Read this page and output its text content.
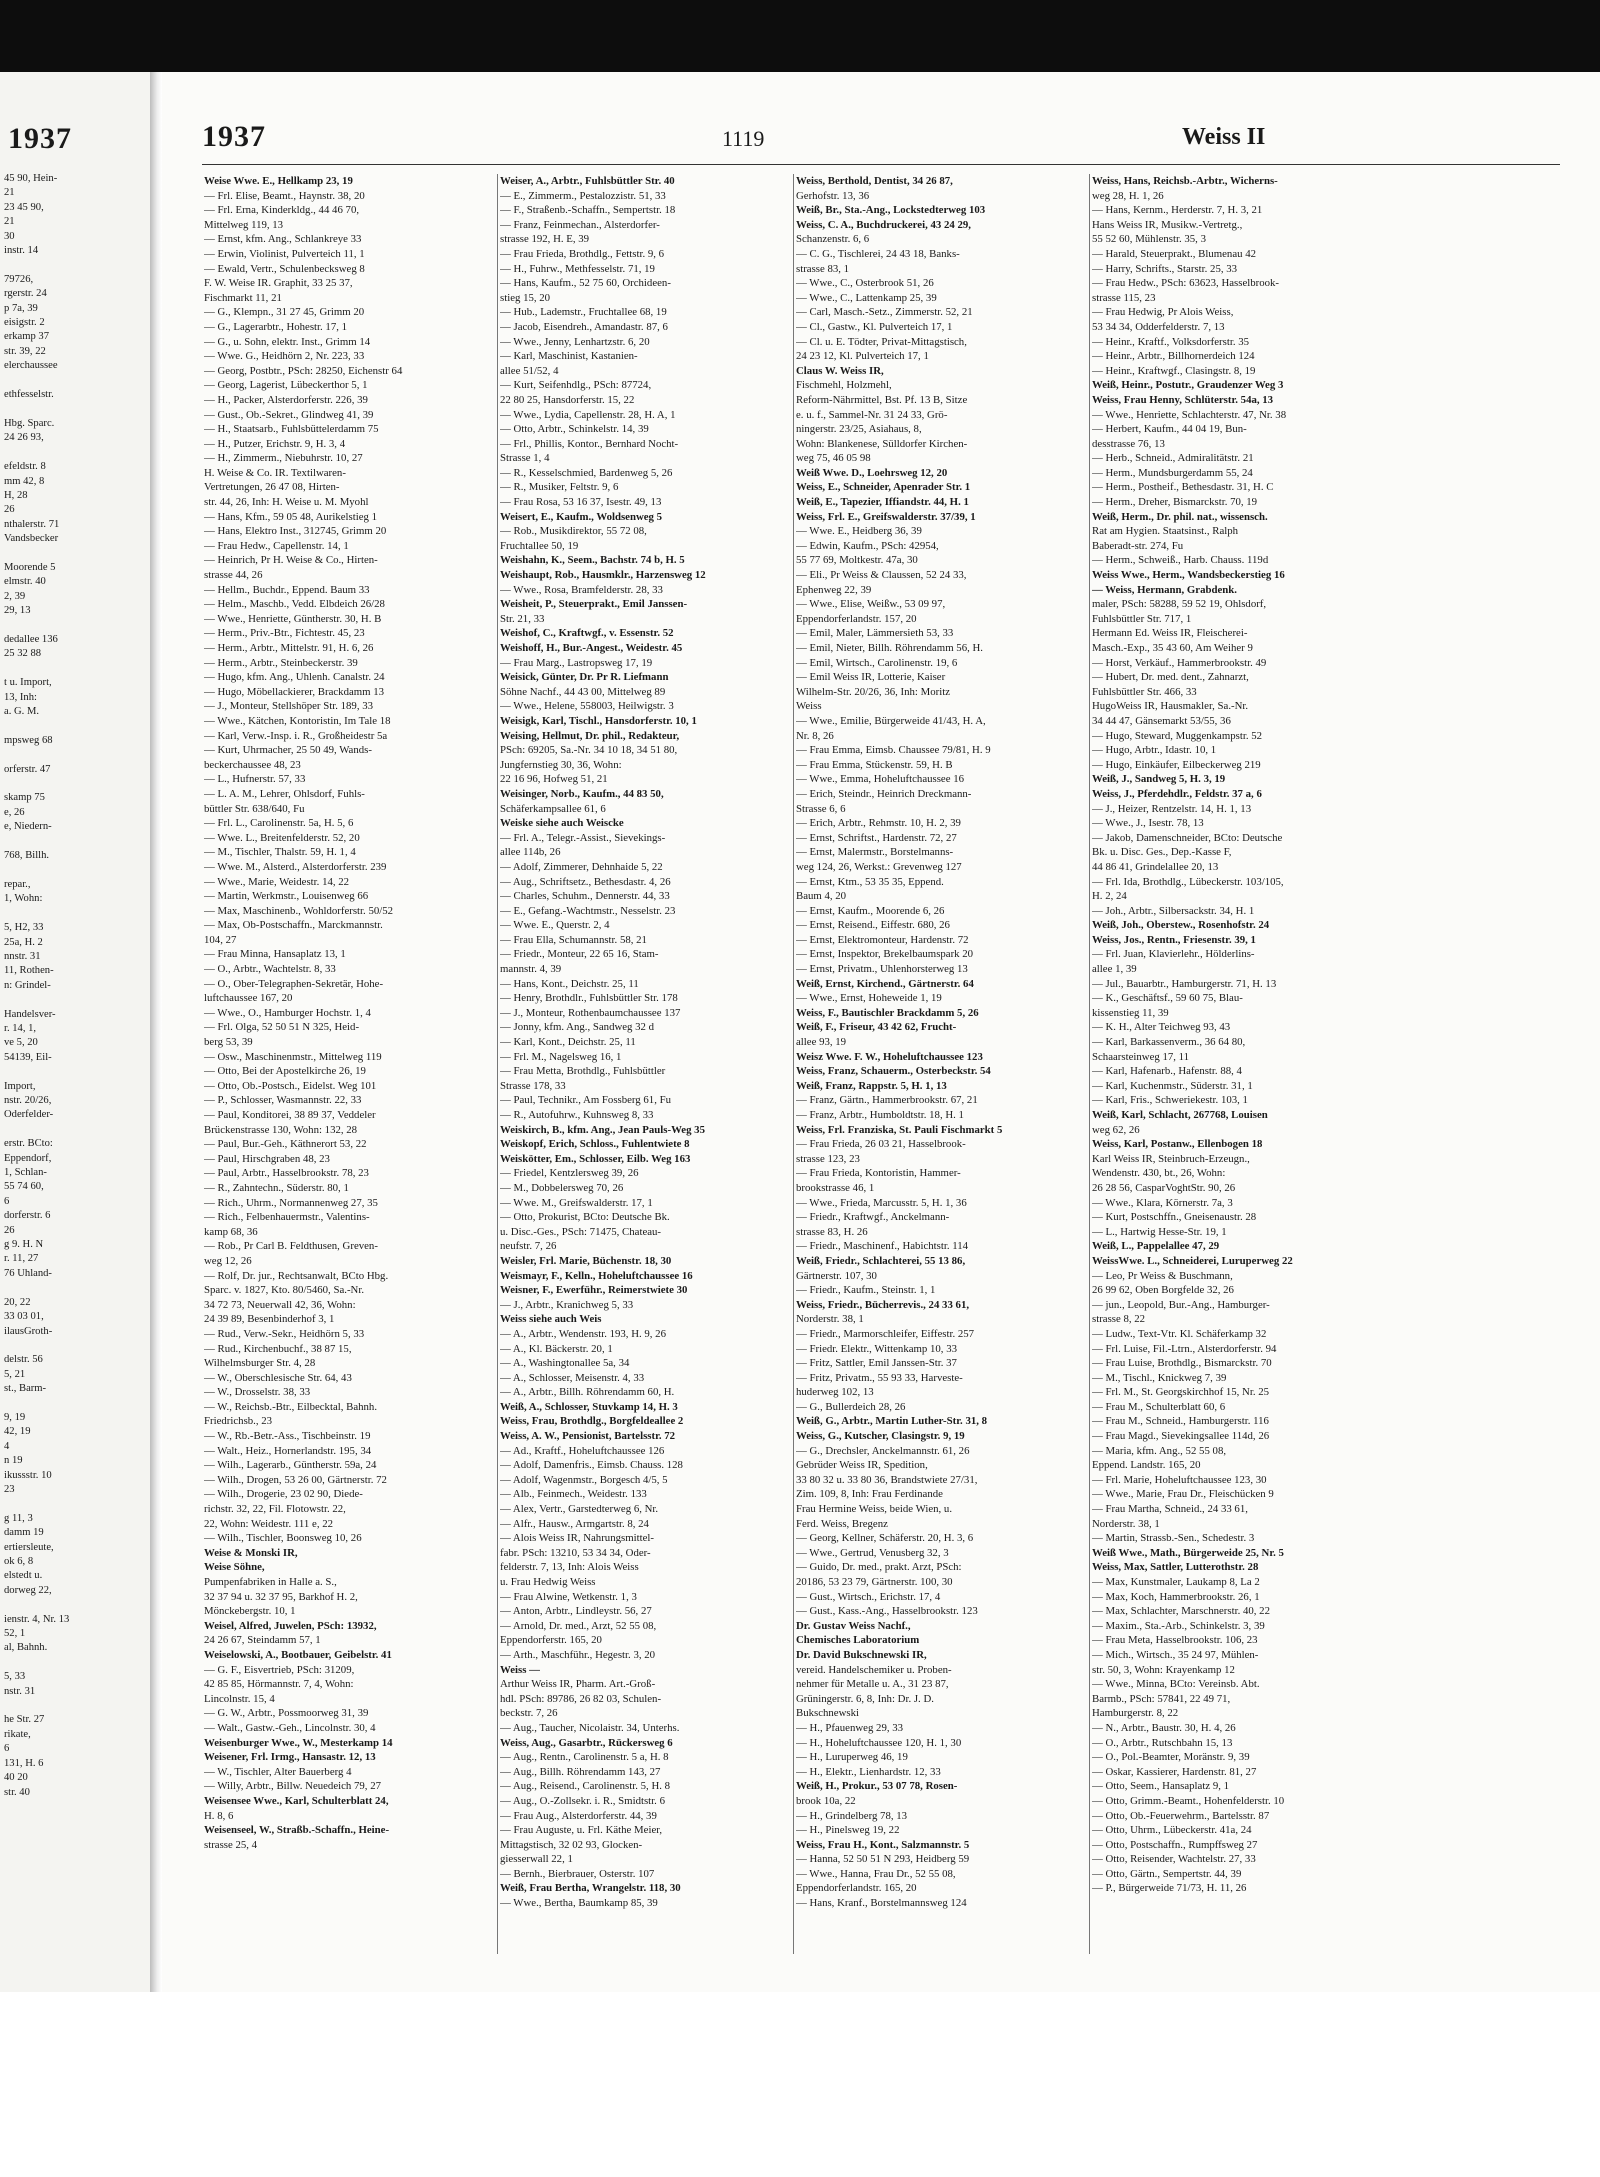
1937
45 90, Hein-
21
23 45 90,
21
30
instr. 14

79726,
rgerstr. 24
p 7a, 39
eisigstr. 2
erkamp 37
str. 39, 22
elerchaussee

ethfesselstr.

Hbg. Sparc.
24 26 93,

efeldstr. 8
mm 42, 8
H, 28
26
nthalerstr. 71
Vandsbecker

Moorende 5
elmstr. 40
2, 39
29, 13

dedallee 136
25 32 88

t u. Import,
13, Inh:
a. G. M.

mpsweg 68

orferstr. 47

skamp 75
e, 26
e, Niedern-

768, Billh.

repar.,
1, Wohn:

5, H2, 33
25a, H. 2
nnstr. 31
11, Rothen-
n: Grindel-

Handelsver-
r. 14, 1,
ve 5, 20
54139, Eil-

Import,
nstr. 20/26,
Oderfelder-

erstr. BCto:
Eppendorf,
1, Schlan-
55 74 60,
6
dorferstr. 6
26
g 9. H. N
r. 11, 27
76 Uhland-

20, 22
33 03 01,
ilausGroth-

delstr. 56
5, 21
st., Barm-

9, 19
42, 19
4
n 19
ikussstr. 10
23

g 11, 3
damm 19
ertiersleute,
ok 6, 8
elstedt u.
dorweg 22,

ienstr. 4, Nr. 13
52, 1
al, Bahnh.

5, 33
nstr. 31

he Str. 27
rikate,
6
131, H. 6
40 20
str. 40
1937	1119	Weiss II
Weise Wwe. E., Hellkamp 23, 19
— Frl. Elise, Beamt., Haynstr. 38, 20
— Frl. Erna, Kinderkldg., 44 46 70,
Mittelweg 119, 13
— Ernst, kfm. Ang., Schlankreye 33
— Erwin, Violinist, Pulverteich 11, 1
— Ewald, Vertr., Schulenbecksweg 8
F. W. Weise IR. Graphit, 33 25 37,
Fischmarkt 11, 21
— G., Klempn., 31 27 45, Grimm 20
— G., Lagerarbtr., Hohestr. 17, 1
— G., u. Sohn, elektr. Inst., Grimm 14
— Wwe. G., Heidhörn 2, Nr. 223, 33
— Georg, Postbtr., PSch: 28250, Eichenstr 64
— Georg, Lagerist, Lübeckerthor 5, 1
— H., Packer, Alsterdorferstr. 226, 39
— Gust., Ob.-Sekret., Glindweg 41, 39
— H., Staatsarb., Fuhlsbüttelerdamm 75
— H., Putzer, Erichstr. 9, H. 3, 4
— H., Zimmerm., Niebuhrstr. 10, 27
H. Weise & Co. IR. Textilwaren-
Vertretungen, 26 47 08, Hirten-
str. 44, 26, Inh: H. Weise u. M. Myohl
— Hans, Kfm., 59 05 48, Aurikelstieg 1
— Hans, Elektro Inst., 312745, Grimm 20
— Frau Hedw., Capellenstr. 14, 1
— Heinrich, Pr H. Weise & Co., Hirten-
strasse 44, 26
— Hellm., Buchdr., Eppend. Baum 33
— Helm., Maschb., Vedd. Elbdeich 26/28
— Wwe., Henriette, Güntherstr. 30, H. B
— Herm., Priv.-Btr., Fichtestr. 45, 23
— Herm., Arbtr., Mittelstr. 91, H. 6, 26
— Herm., Arbtr., Steinbeckerstr. 39
— Hugo, kfm. Ang., Uhlenh. Canalstr. 24
— Hugo, Möbellackierer, Brackdamm 13
— J., Monteur, Stellshöper Str. 189, 33
— Wwe., Kätchen, Kontoristin, Im Tale 18
— Karl, Verw.-Insp. i. R., Großheidestr 5a
— Kurt, Uhrmacher, 25 50 49, Wands-
beckerchaussee 48, 23
— L., Hufnerstr. 57, 33
— L. A. M., Lehrer, Ohlsdorf, Fuhls-
büttler Str. 638/640, Fu
— Frl. L., Carolinenstr. 5a, H. 5, 6
— Wwe. L., Breitenfelderstr. 52, 20
— M., Tischler, Thalstr. 59, H. 1, 4
— Wwe. M., Alsterd., Alsterdorferstr. 239
— Wwe., Marie, Weidestr. 14, 22
— Martin, Werkmstr., Louisenweg 66
— Max, Maschinenb., Wohldorferstr. 50/52
— Max, Ob-Postschaffn., Marckmannstr.
104, 27
— Frau Minna, Hansaplatz 13, 1
— O., Arbtr., Wachtelstr. 8, 33
— O., Ober-Telegraphen-Sekretär, Hohe-
luftchaussee 167, 20
— Wwe., O., Hamburger Hochstr. 1, 4
— Frl. Olga, 52 50 51 N 325, Heid-
berg 53, 39
— Osw., Maschinenmstr., Mittelweg 119
— Otto, Bei der Apostelkirche 26, 19
— Otto, Ob.-Postsch., Eidelst. Weg 101
— P., Schlosser, Wasmannstr. 22, 33
— Paul, Konditorei, 38 89 37, Veddeler
Brückenstrasse 130, Wohn: 132, 28
— Paul, Bur.-Geh., Käthnerort 53, 22
— Paul, Hirschgraben 48, 23
— Paul, Arbtr., Hasselbrookstr. 78, 23
— R., Zahntechn., Süderstr. 80, 1
— Rich., Uhrm., Normannenweg 27, 35
— Rich., Felbenhauermstr., Valentins-
kamp 68, 36
— Rob., Pr Carl B. Feldthusen, Greven-
weg 12, 26
— Rolf, Dr. jur., Rechtsanwalt, BCto Hbg.
Sparc. v. 1827, Kto. 80/5460, Sa.-Nr.
34 72 73, Neuerwall 42, 36, Wohn:
24 39 89, Besenbinderhof 3, 1
— Rud., Verw.-Sekr., Heidhörn 5, 33
— Rud., Kirchenbuchf., 38 87 15,
Wilhelmsburger Str. 4, 28
— W., Oberschlesische Str. 64, 43
— W., Drosselstr. 38, 33
— W., Reichsb.-Btr., Eilbecktal, Bahnh.
Friedrichsb., 23
— W., Rb.-Betr.-Ass., Tischbeinstr. 19
— Walt., Heiz., Hornerlandstr. 195, 34
— Wilh., Lagerarb., Güntherstr. 59a, 24
— Wilh., Drogen, 53 26 00, Gärtnerstr. 72
— Wilh., Drogerie, 23 02 90, Diede-
richstr. 32, 22, Fil. Flotowstr. 22,
22, Wohn: Weidestr. 111 e, 22
— Wilh., Tischler, Boonsweg 10, 26
Weise & Monski IR,
Weise Söhne,
Pumpenfabriken in Halle a. S.,
32 37 94 u. 32 37 95, Barkhof H. 2,
Mönckebergstr. 10, 1
Weisel, Alfred, Juwelen, PSch: 13932,
24 26 67, Steindamm 57, 1
Weiselowski, A., Bootbauer, Geibelstr. 41
— G. F., Eisvertrieb, PSch: 31209,
42 85 85, Hörmannstr. 7, 4, Wohn:
Lincolnstr. 15, 4
— G. W., Arbtr., Possmoorweg 31, 39
— Walt., Gastw.-Geh., Lincolnstr. 30, 4
Weisenburger Wwe., W., Mesterkamp 14
Weisener, Frl. Irmg., Hansastr. 12, 13
— W., Tischler, Alter Bauerberg 4
— Willy, Arbtr., Billw. Neuedeich 79, 27
Weisensee Wwe., Karl, Schulterblatt 24,
H. 8, 6
Weisenseel, W., Straßb.-Schaffn., Heine-
strasse 25, 4
Weiser, A., Arbtr., Fuhlsbüttler Str. 40
— E., Zimmerm., Pestalozzistr. 51, 33
— F., Straßenb.-Schaffn., Sempertstr. 18
— Franz, Feinmechan., Alsterdorfer-
strasse 192, H. E, 39
— Frau Frieda, Brothdlg., Fettstr. 9, 6
— H., Fuhrw., Methfesselstr. 71, 19
— Hans, Kaufm., 52 75 60, Orchideen-
stieg 15, 20
— Hub., Lademstr., Fruchtallee 68, 19
— Jacob, Eisendreh., Amandastr. 87, 6
— Wwe., Jenny, Lenhartzstr. 6, 20
— Karl, Maschinist, Kastanien-
allee 51/52, 4
— Kurt, Seifenhdlg., PSch: 87724,
22 80 25, Hansdorferstr. 15, 22
— Wwe., Lydia, Capellenstr. 28, H. A, 1
— Otto, Arbtr., Schinkelstr. 14, 39
— Frl., Phillis, Kontor., Bernhard Nocht-
Strasse 1, 4
— R., Kesselschmied, Bardenweg 5, 26
— R., Musiker, Feltstr. 9, 6
— Frau Rosa, 53 16 37, Isestr. 49, 13
Weisert, E., Kaufm., Woldsenweg 5
— Rob., Musikdirektor, 55 72 08,
Fruchtallee 50, 19
Weishahn, K., Seem., Bachstr. 74 b, H. 5
Weishaupt, Rob., Hausmklr., Harzensweg 12
— Wwe., Rosa, Bramfelderstr. 28, 33
Weisheit, P., Steuerprakt., Emil Janssen-
Str. 21, 33
Weishof, C., Kraftwgf., v. Essenstr. 52
Weishoff, H., Bur.-Angest., Weidestr. 45
— Frau Marg., Lastropsweg 17, 19
Weisick, Günter, Dr. Pr R. Liefmann
Söhne Nachf., 44 43 00, Mittelweg 89
— Wwe., Helene, 558003, Heilwigstr. 3
Weisigk, Karl, Tischl., Hansdorferstr. 10, 1
Weising, Hellmut, Dr. phil., Redakteur,
PSch: 69205, Sa.-Nr. 34 10 18, 34 51 80,
Jungfernstieg 30, 36, Wohn:
22 16 96, Hofweg 51, 21
Weisinger, Norb., Kaufm., 44 83 50,
Schäferkampsallee 61, 6
Weiske siehe auch Weiscke
— Frl. A., Telegr.-Assist., Sievekings-
allee 114b, 26
— Adolf, Zimmerer, Dehnhaide 5, 22
— Aug., Schriftsetz., Bethesdastr. 4, 26
— Charles, Schuhm., Dennerstr. 44, 33
— E., Gefang.-Wachtmstr., Nesselstr. 23
— Wwe. E., Querstr. 2, 4
— Frau Ella, Schumannstr. 58, 21
— Friedr., Monteur, 22 65 16, Stam-
mannstr. 4, 39
— Hans, Kont., Deichstr. 25, 11
— Henry, Brothdlr., Fuhlsbüttler Str. 178
— J., Monteur, Rothenbaumchaussee 137
— Jonny, kfm. Ang., Sandweg 32 d
— Karl, Kont., Deichstr. 25, 11
— Frl. M., Nagelsweg 16, 1
— Frau Metta, Brothdlg., Fuhlsbüttler
Strasse 178, 33
— Paul, Technikr., Am Fossberg 61, Fu
— R., Autofuhrw., Kuhnsweg 8, 33
Weiskirch, B., kfm. Ang., Jean Pauls-Weg 35
Weiskopf, Erich, Schloss., Fuhlentwiete 8
Weiskötter, Em., Schlosser, Eilb. Weg 163
— Friedel, Kentzlersweg 39, 26
— M., Dobbelersweg 70, 26
— Wwe. M., Greifswalderstr. 17, 1
— Otto, Prokurist, BCto: Deutsche Bk.
u. Disc.-Ges., PSch: 71475, Chateau-
neufstr. 7, 26
Weisler, Frl. Marie, Büchenstr. 18, 30
Weismayr, F., Kelln., Hoheluftchaussee 16
Weisner, F., Ewerführ., Reimerstwiete 30
— J., Arbtr., Kranichweg 5, 33
Weiss siehe auch Weis
— A., Arbtr., Wendenstr. 193, H. 9, 26
— A., Kl. Bäckerstr. 20, 1
— A., Washingtonallee 5a, 34
— A., Schlosser, Meisenstr. 4, 33
— A., Arbtr., Billh. Röhrendamm 60, H.
Weiß, A., Schlosser, Stuvkamp 14, H. 3
Weiss, Frau, Brothdlg., Borgfeldeallee 2
Weiss, A. W., Pensionist, Bartelsstr. 72
— Ad., Kraftf., Hoheluftchaussee 126
— Adolf, Damenfris., Eimsb. Chauss. 128
— Adolf, Wagenmstr., Borgesch 4/5, 5
— Alb., Feinmech., Weidestr. 133
— Alex, Vertr., Garstedterweg 6, Nr.
— Alfr., Hausw., Armgartstr. 8, 24
— Alois Weiss IR, Nahrungsmittel-
fabr. PSch: 13210, 53 34 34, Oder-
felderstr. 7, 13, Inh: Alois Weiss
u. Frau Hedwig Weiss
— Frau Alwine, Wetkenstr. 1, 3
— Anton, Arbtr., Lindleystr. 56, 27
— Arnold, Dr. med., Arzt, 52 55 08,
Eppendorferstr. 165, 20
— Arth., Maschführ., Hegestr. 3, 20
Weiss —
Arthur Weiss IR, Pharm. Art.-Groß-
hdl. PSch: 89786, 26 82 03, Schulen-
beckstr. 7, 26
— Aug., Taucher, Nicolaistr. 34, Unterhs.
Weiss, Aug., Gasarbtr., Rückersweg 6
— Aug., Rentn., Carolinenstr. 5 a, H. 8
— Aug., Billh. Röhrendamm 143, 27
— Aug., Reisend., Carolinenstr. 5, H. 8
— Aug., O.-Zollsekr. i. R., Smidtstr. 6
— Frau Aug., Alsterdorferstr. 44, 39
— Frau Auguste, u. Frl. Käthe Meier,
Mittagstisch, 32 02 93, Glocken-
giesserwall 22, 1
— Bernh., Bierbrauer, Osterstr. 107
Weiß, Frau Bertha, Wrangelstr. 118, 30
— Wwe., Bertha, Baumkamp 85, 39
Weiss, Berthold, Dentist, 34 26 87,
Gerhofstr. 13, 36
Weiß, Br., Sta.-Ang., Lockstedterweg 103
Weiss, C. A., Buchdruckerei, 43 24 29,
Schanzenstr. 6, 6
— C. G., Tischlerei, 24 43 18, Banks-
strasse 83, 1
— Wwe., C., Osterbrook 51, 26
— Wwe., C., Lattenkamp 25, 39
— Carl, Masch.-Setz., Zimmerstr. 52, 21
— Cl., Gastw., Kl. Pulverteich 17, 1
— Cl. u. E. Tödter, Privat-Mittagstisch,
24 23 12, Kl. Pulverteich 17, 1
Claus W. Weiss IR,
Fischmehl, Holzmehl,
Reform-Nährmittel, Bst. Pf. 13 B, Sitze
e. u. f., Sammel-Nr. 31 24 33, Grö-
ningerstr. 23/25, Asiahaus, 8,
Wohn: Blankenese, Sülldorfer Kirchen-
weg 75, 46 05 98
Weiß Wwe. D., Loehrsweg 12, 20
Weiss, E., Schneider, Apenrader Str. 1
Weiß, E., Tapezier, Iffiandstr. 44, H. 1
Weiss, Frl. E., Greifswalderstr. 37/39, 1
— Wwe. E., Heidberg 36, 39
— Edwin, Kaufm., PSch: 42954,
55 77 69, Moltkestr. 47a, 30
— Eli., Pr Weiss & Claussen, 52 24 33,
Ephenweg 22, 39
— Wwe., Elise, Weißw., 53 09 97,
Eppendorferlandstr. 157, 20
— Emil, Maler, Lämmersieth 53, 33
— Emil, Nieter, Billh. Röhrendamm 56, H.
— Emil, Wirtsch., Carolinenstr. 19, 6
— Emil Weiss IR, Lotterie, Kaiser
Wilhelm-Str. 20/26, 36, Inh: Moritz
Weiss
— Wwe., Emilie, Bürgerweide 41/43, H. A,
Nr. 8, 26
— Frau Emma, Eimsb. Chaussee 79/81, H. 9
— Frau Emma, Stückenstr. 59, H. B
— Wwe., Emma, Hoheluftchaussee 16
— Erich, Steindr., Heinrich Dreckmann-
Strasse 6, 6
— Erich, Arbtr., Rehmstr. 10, H. 2, 39
— Ernst, Schriftst., Hardenstr. 72, 27
— Ernst, Malermstr., Borstelmanns-
weg 124, 26, Werkst.: Grevenweg 127
— Ernst, Ktm., 53 35 35, Eppend.
Baum 4, 20
— Ernst, Kaufm., Moorende 6, 26
— Ernst, Reisend., Eiffestr. 680, 26
— Ernst, Elektromonteur, Hardenstr. 72
— Ernst, Inspektor, Brekelbaumspark 20
— Ernst, Privatm., Uhlenhorsterweg 13
Weiß, Ernst, Kirchend., Gärtnerstr. 64
— Wwe., Ernst, Hoheweide 1, 19
Weiss, F., Bautischler Brackdamm 5, 26
Weiß, F., Friseur, 43 42 62, Frucht-
allee 93, 19
Weisz Wwe. F. W., Hoheluftchaussee 123
Weiss, Franz, Schauerm., Osterbeckstr. 54
Weiß, Franz, Rappstr. 5, H. 1, 13
— Franz, Gärtn., Hammerbrookstr. 67, 21
— Franz, Arbtr., Humboldtstr. 18, H. 1
Weiss, Frl. Franziska, St. Pauli Fischmarkt 5
— Frau Frieda, 26 03 21, Hasselbrook-
strasse 123, 23
— Frau Frieda, Kontoristin, Hammer-
brookstrasse 46, 1
— Wwe., Frieda, Marcusstr. 5, H. 1, 36
— Friedr., Kraftwgf., Anckelmann-
strasse 83, H. 26
— Friedr., Maschinenf., Habichtstr. 114
Weiß, Friedr., Schlachterei, 55 13 86,
Gärtnerstr. 107, 30
— Friedr., Kaufm., Steinstr. 1, 1
Weiss, Friedr., Bücherrevis., 24 33 61,
Norderstr. 38, 1
— Friedr., Marmorschleifer, Eiffestr. 257
— Friedr. Elektr., Wittenkamp 10, 33
— Fritz, Sattler, Emil Janssen-Str. 37
— Fritz, Privatm., 55 93 33, Harveste-
huderweg 102, 13
— G., Bullerdeich 28, 26
Weiß, G., Arbtr., Martin Luther-Str. 31, 8
Weiss, G., Kutscher, Clasingstr. 9, 19
— G., Drechsler, Anckelmannstr. 61, 26
Gebrüder Weiss IR, Spedition,
33 80 32 u. 33 80 36, Brandstwiete 27/31,
Zim. 109, 8, Inh: Frau Ferdinande
Frau Hermine Weiss, beide Wien, u.
Ferd. Weiss, Bregenz
— Georg, Kellner, Schäferstr. 20, H. 3, 6
— Wwe., Gertrud, Venusberg 32, 3
— Guido, Dr. med., prakt. Arzt, PSch:
20186, 53 23 79, Gärtnerstr. 100, 30
— Gust., Wirtsch., Erichstr. 17, 4
— Gust., Kass.-Ang., Hasselbrookstr. 123
Dr. Gustav Weiss Nachf.,
Chemisches Laboratorium
Dr. David Bukschnewski IR,
vereid. Handelschemiker u. Proben-
nehmer für Metalle u. A., 31 23 87,
Grüningerstr. 6, 8, Inh: Dr. J. D.
Bukschnewski
— H., Pfauenweg 29, 33
— H., Hoheluftchaussee 120, H. 1, 30
— H., Luruperweg 46, 19
— H., Elektr., Lienhardstr. 12, 33
Weiß, H., Prokur., 53 07 78, Rosen-
brook 10a, 22
— H., Grindelberg 78, 13
— H., Pinelsweg 19, 22
Weiss, Frau H., Kont., Salzmannstr. 5
— Hanna, 52 50 51 N 293, Heidberg 59
— Wwe., Hanna, Frau Dr., 52 55 08,
Eppendorferlandstr. 165, 20
— Hans, Kranf., Borstelmannsweg 124
Weiss, Hans, Reichsb.-Arbtr., Wicherns-
weg 28, H. 1, 26
— Hans, Kernm., Herderstr. 7, H. 3, 21
Hans Weiss IR, Musikw.-Vertretg.,
55 52 60, Mühlenstr. 35, 3
— Harald, Steuerprakt., Blumenau 42
— Harry, Schrifts., Starstr. 25, 33
— Frau Hedw., PSch: 63623, Hasselbrook-
strasse 115, 23
— Frau Hedwig, Pr Alois Weiss,
53 34 34, Odderfelderstr. 7, 13
— Heinr., Kraftf., Volksdorferstr. 35
— Heinr., Arbtr., Billhornerdeich 124
— Heinr., Kraftwgf., Clasingstr. 8, 19
Weiß, Heinr., Postutr., Graudenzer Weg 3
Weiss, Frau Henny, Schlüterstr. 54a, 13
— Wwe., Henriette, Schlachterstr. 47, Nr. 38
— Herbert, Kaufm., 44 04 19, Bun-
desstrasse 76, 13
— Herb., Schneid., Admiralitätstr. 21
— Herm., Mundsburgerdamm 55, 24
— Herm., Postheif., Bethesdastr. 31, H. C
— Herm., Dreher, Bismarckstr. 70, 19
Weiß, Herm., Dr. phil. nat., wissensch.
Rat am Hygien. Staatsinst., Ralph
Baberadt-str. 274, Fu
— Herm., Schweiß., Harb. Chauss. 119d
Weiss Wwe., Herm., Wandsbeckerstieg 16
— Weiss, Hermann, Grabdenk.
maler, PSch: 58288, 59 52 19, Ohlsdorf,
Fuhlsbüttler Str. 717, 1
Hermann Ed. Weiss IR, Fleischerei-
Masch.-Exp., 35 43 60, Am Weiher 9
— Horst, Verkäuf., Hammerbrookstr. 49
— Hubert, Dr. med. dent., Zahnarzt,
Fuhlsbüttler Str. 466, 33
HugoWeiss IR, Hausmakler, Sa.-Nr.
34 44 47, Gänsemarkt 53/55, 36
— Hugo, Steward, Muggenkampstr. 52
— Hugo, Arbtr., Idastr. 10, 1
— Hugo, Einkäufer, Eilbeckerweg 219
Weiß, J., Sandweg 5, H. 3, 19
Weiss, J., Pferdehdlr., Feldstr. 37 a, 6
— J., Heizer, Rentzelstr. 14, H. 1, 13
— Wwe., J., Isestr. 78, 13
— Jakob, Damenschneider, BCto: Deutsche
Bk. u. Disc. Ges., Dep.-Kasse F,
44 86 41, Grindelallee 20, 13
— Frl. Ida, Brothdlg., Lübeckerstr. 103/105,
H. 2, 24
— Joh., Arbtr., Silbersackstr. 34, H. 1
Weiß, Joh., Oberstew., Rosenhofstr. 24
Weiss, Jos., Rentn., Friesenstr. 39, 1
— Frl. Juan, Klavierlehr., Hölderlins-
allee 1, 39
— Jul., Bauarbtr., Hamburgerstr. 71, H. 13
— K., Geschäftsf., 59 60 75, Blau-
kissenstieg 11, 39
— K. H., Alter Teichweg 93, 43
— Karl, Barkassenverm., 36 64 80,
Schaarsteinweg 17, 11
— Karl, Hafenarb., Hafenstr. 88, 4
— Karl, Kuchenmstr., Süderstr. 31, 1
— Karl, Fris., Schweriekestr. 103, 1
Weiß, Karl, Schlacht, 267768, Louisen
weg 62, 26
Weiss, Karl, Postanw., Ellenbogen 18
Karl Weiss IR, Steinbruch-Erzeugn.,
Wendenstr. 430, bt., 26, Wohn:
26 28 56, CasparVoghtStr. 90, 26
— Wwe., Klara, Körnerstr. 7a, 3
— Kurt, Postschffn., Gneisenaustr. 28
— L., Hartwig Hesse-Str. 19, 1
Weiß, L., Pappelallee 47, 29
WeissWwe. L., Schneiderei, Luruperweg 22
— Leo, Pr Weiss & Buschmann,
26 99 62, Oben Borgfelde 32, 26
— jun., Leopold, Bur.-Ang., Hamburger-
strasse 8, 22
— Ludw., Text-Vtr. Kl. Schäferkamp 32
— Frl. Luise, Fil.-Ltrn., Alsterdorferstr. 94
— Frau Luise, Brothdlg., Bismarckstr. 70
— M., Tischl., Knickweg 7, 39
— Frl. M., St. Georgskirchhof 15, Nr. 25
— Frau M., Schulterblatt 60, 6
— Frau M., Schneid., Hamburgerstr. 116
— Frau Magd., Sievekingsallee 114d, 26
— Maria, kfm. Ang., 52 55 08,
Eppend. Landstr. 165, 20
— Frl. Marie, Hoheluftchaussee 123, 30
— Wwe., Marie, Frau Dr., Fleischücken 9
— Frau Martha, Schneid., 24 33 61,
Norderstr. 38, 1
— Martin, Strassb.-Sen., Schedestr. 3
Weiß Wwe., Math., Bürgerweide 25, Nr. 5
Weiss, Max, Sattler, Lutterothstr. 28
— Max, Kunstmaler, Laukamp 8, La 2
— Max, Koch, Hammerbrookstr. 26, 1
— Max, Schlachter, Marschnerstr. 40, 22
— Maxim., Sta.-Arb., Schinkelstr. 3, 39
— Frau Meta, Hasselbrookstr. 106, 23
— Mich., Wirtsch., 35 24 97, Mühlen-
str. 50, 3, Wohn: Krayenkamp 12
— Wwe., Minna, BCto: Vereinsb. Abt.
Barmb., PSch: 57841, 22 49 71,
Hamburgerstr. 8, 22
— N., Arbtr., Baustr. 30, H. 4, 26
— O., Arbtr., Rutschbahn 15, 13
— O., Pol.-Beamter, Moränstr. 9, 39
— Oskar, Kassierer, Hardenstr. 81, 27
— Otto, Seem., Hansaplatz 9, 1
— Otto, Grimm.-Beamt., Hohenfelderstr. 10
— Otto, Ob.-Feuerwehrm., Bartelsstr. 87
— Otto, Uhrm., Lübeckerstr. 41a, 24
— Otto, Postschaffn., Rumpffsweg 27
— Otto, Reisender, Wachtelstr. 27, 33
— Otto, Gärtn., Sempertstr. 44, 39
— P., Bürgerweide 71/73, H. 11, 26
